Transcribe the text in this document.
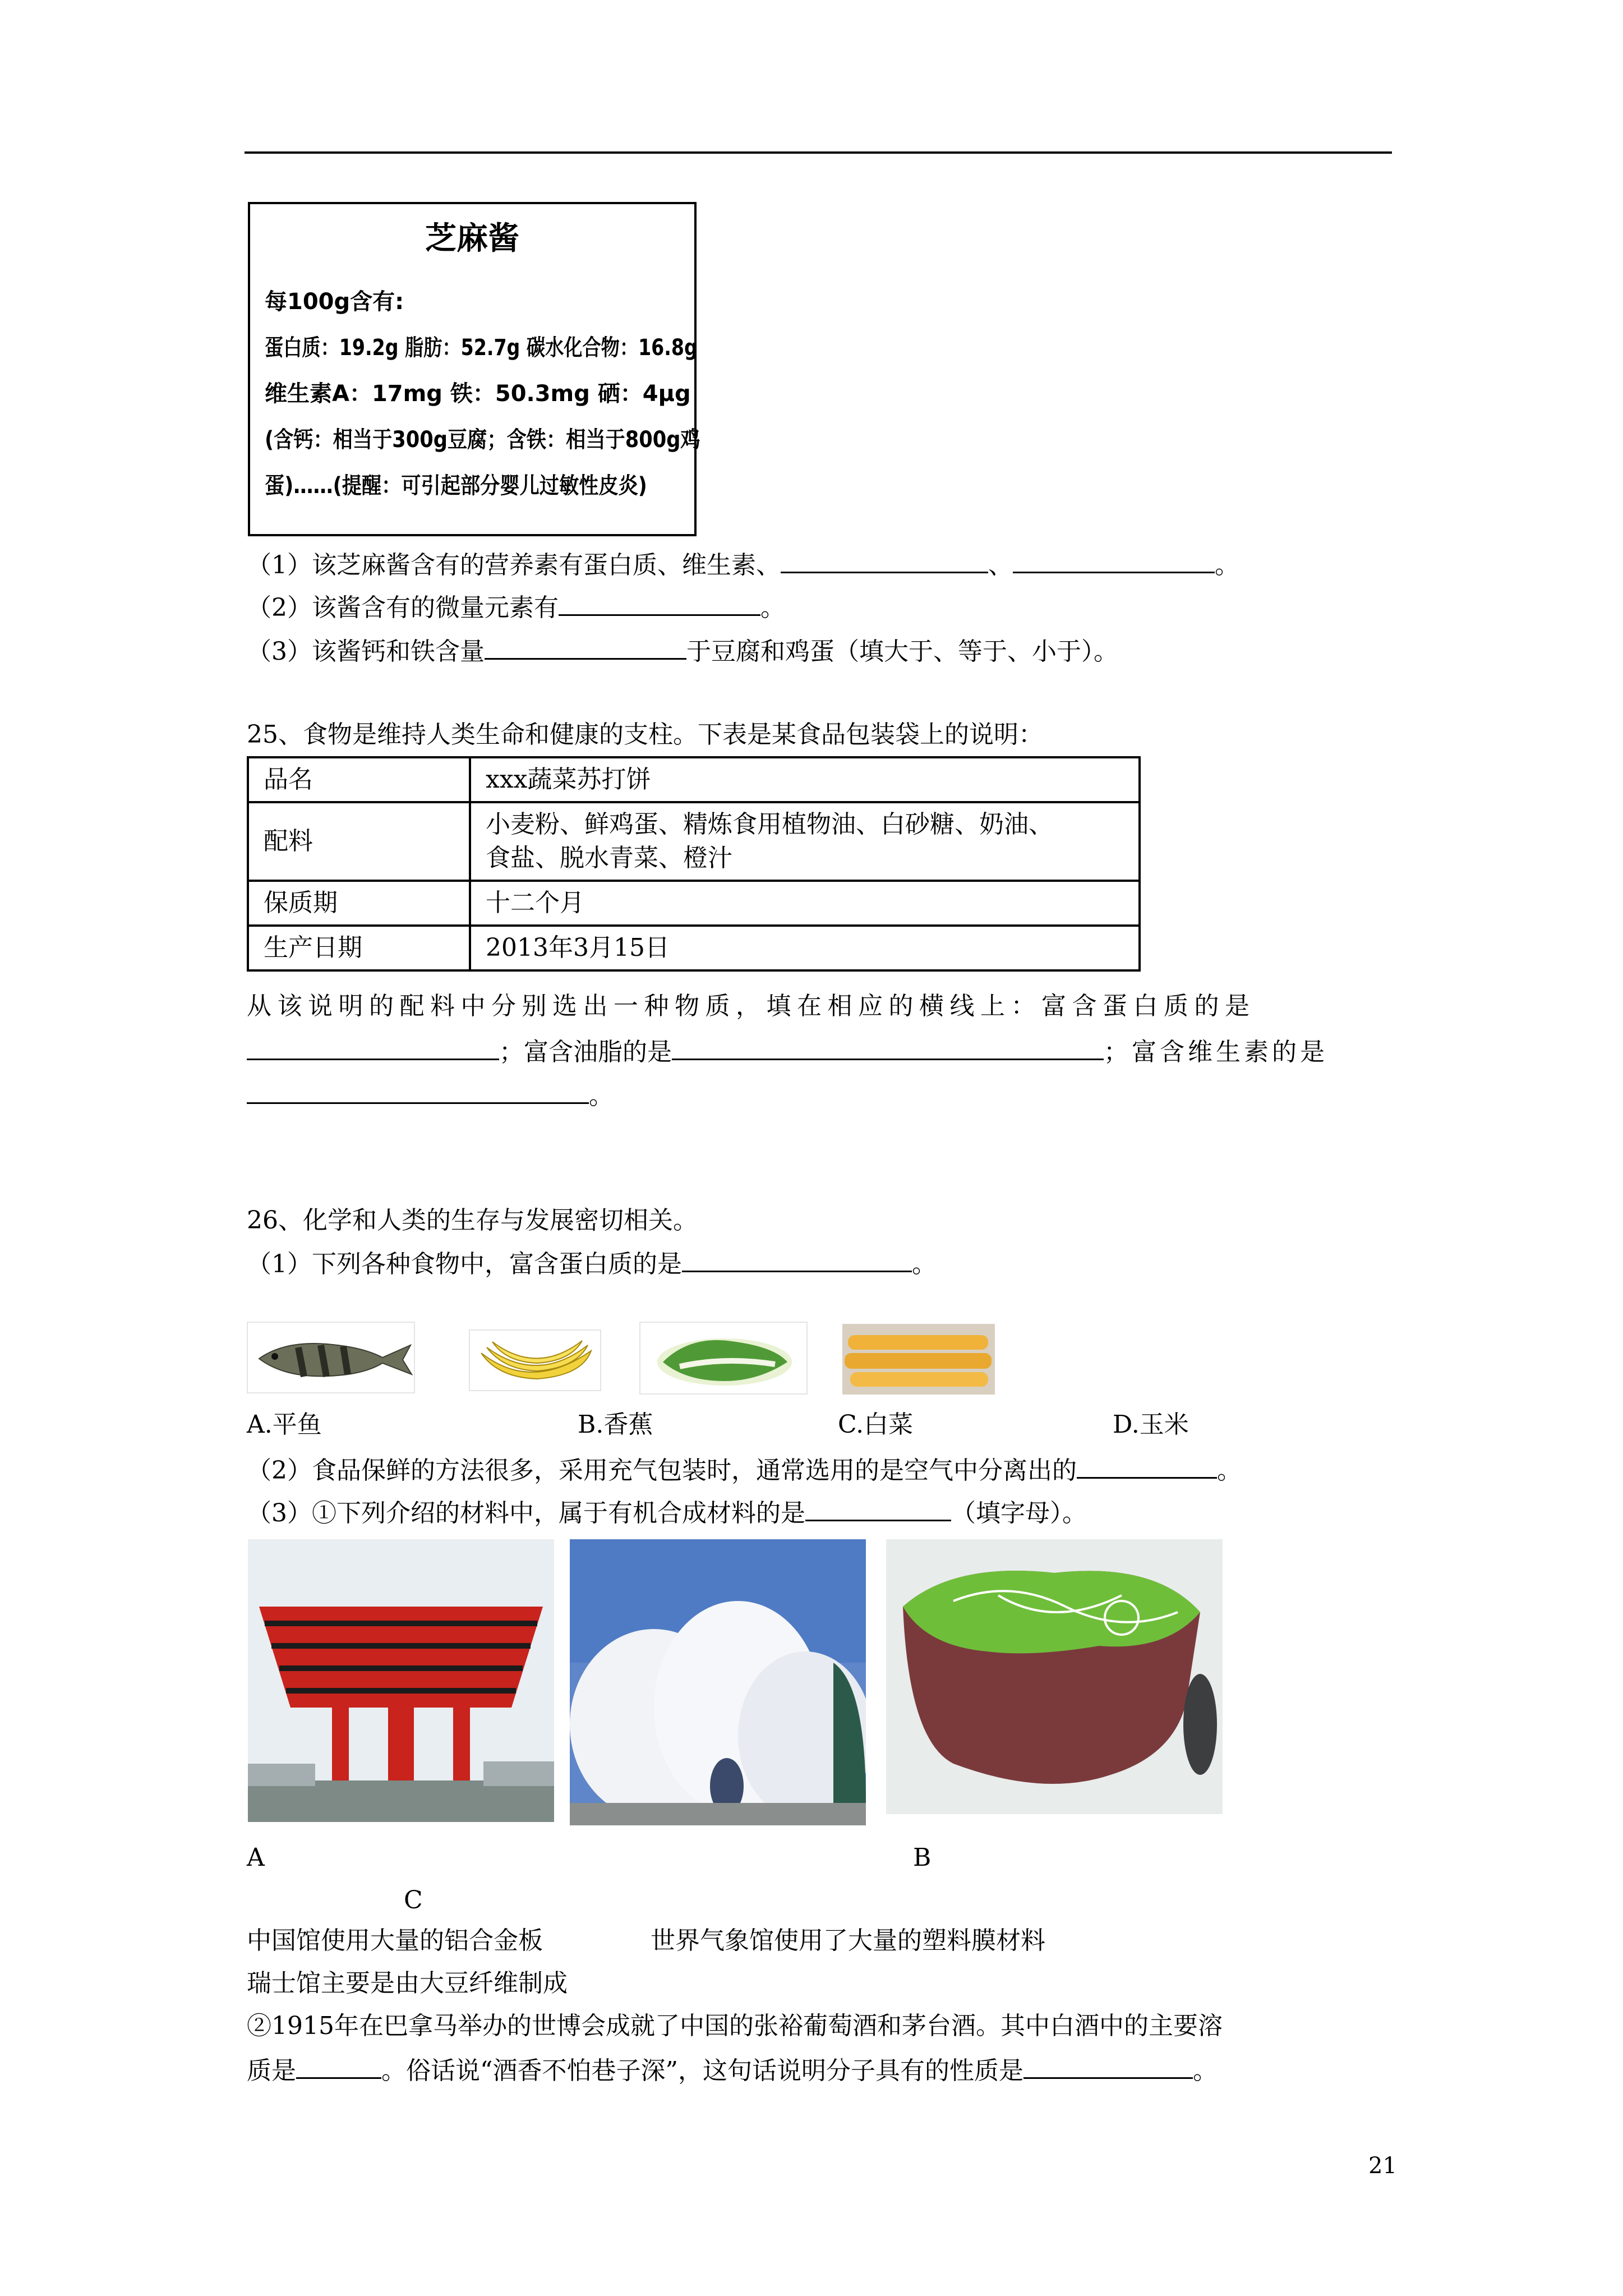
芝麻酱
每100g含有:
蛋白质：19.2g 脂肪：52.7g 碳水化合物：16.8g
维生素A：17mg 铁：50.3mg 硒：4μg
(含钙：相当于300g豆腐；含铁：相当于800g鸡
蛋)……(提醒：可引起部分婴儿过敏性皮炎)
（1）该芝麻酱含有的营养素有蛋白质、维生素、	、	。
（2）该酱含有的微量元素有	。
（3）该酱钙和铁含量	于豆腐和鸡蛋（填大于、等于、小于）。
25、食物是维持人类生命和健康的支柱。下表是某食品包装袋上的说明：
品名	xxx蔬菜苏打饼
配料	小麦粉、鲜鸡蛋、精炼食用植物油、白砂糖、奶油、
食盐、脱水青菜、橙汁

保质期	十二个月
生产日期	2013年3月15日
从该说明的配料中分别选出一种物质，填在相应的横线上：富含蛋白质的是
；富含油脂的是	；富含维生素的是
。
26、化学和人类的生存与发展密切相关。
（1）下列各种食物中，富含蛋白质的是	。
A.平鱼	B.香蕉	C.白菜	D.玉米
（2）食品保鲜的方法很多，采用充气包装时，通常选用的是空气中分离出的	。
（3）①下列介绍的材料中，属于有机合成材料的是	（填字母）。
A	B
C
中国馆使用大量的铝合金板	世界气象馆使用了大量的塑料膜材料
瑞士馆主要是由大豆纤维制成
②1915年在巴拿马举办的世博会成就了中国的张裕葡萄酒和茅台酒。其中白酒中的主要溶
质是	。俗话说“酒香不怕巷子深”，这句话说明分子具有的性质是	。
21
